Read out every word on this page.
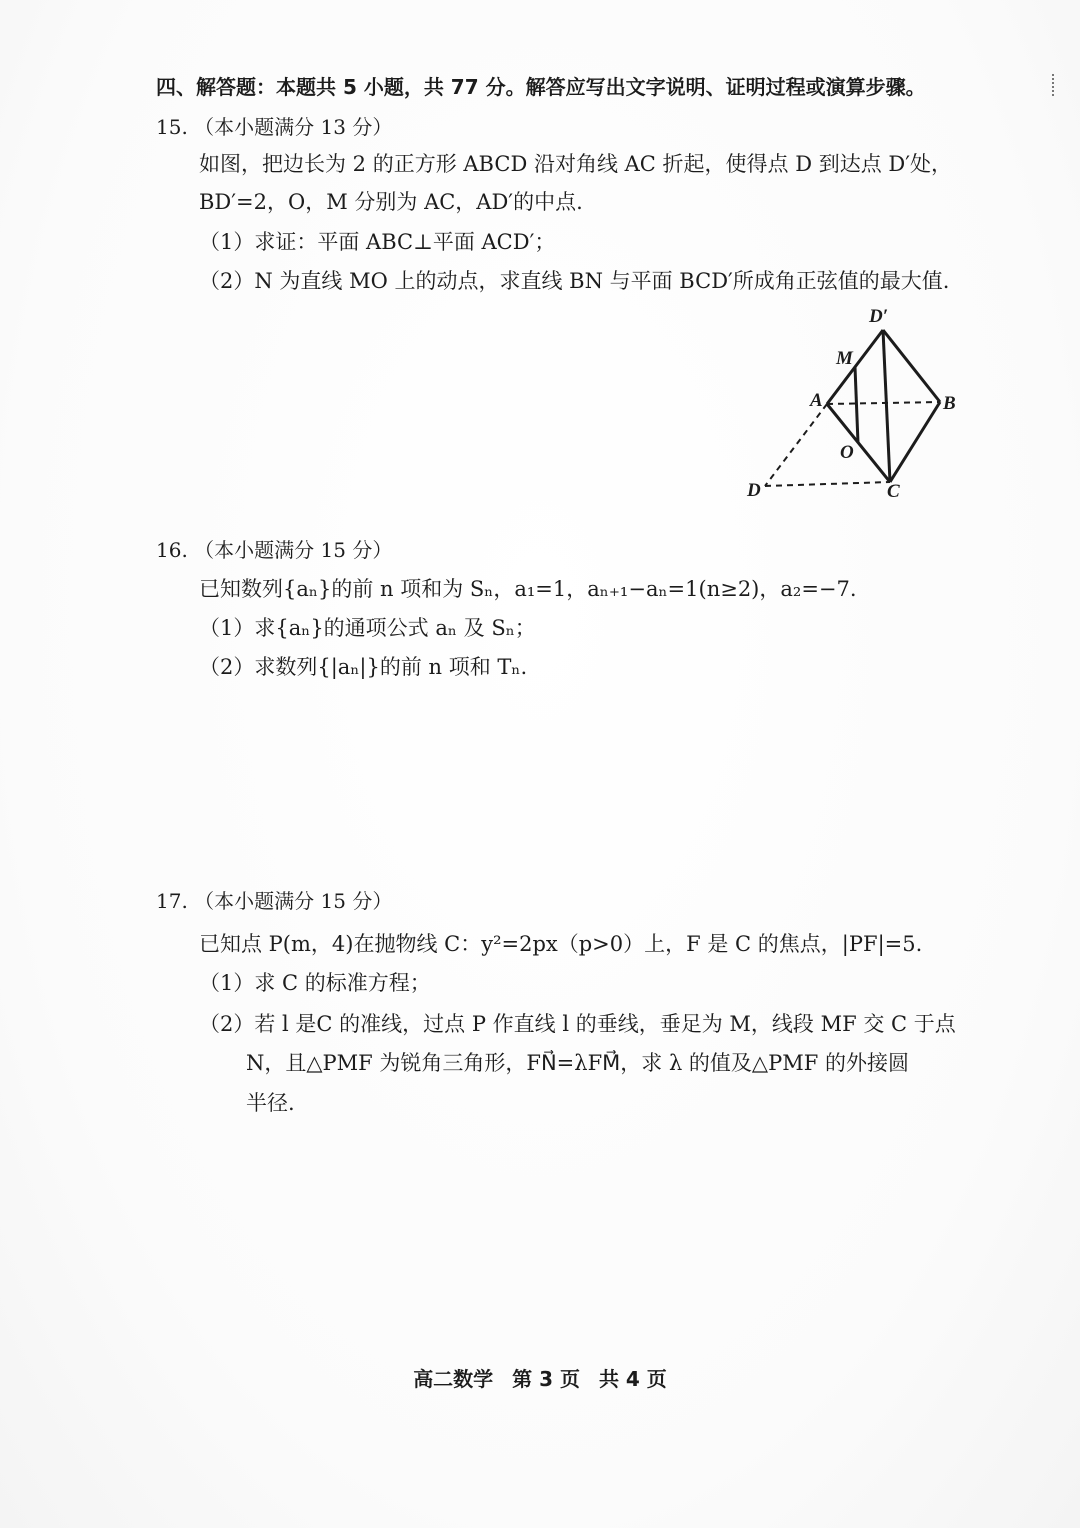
四、解答题：本题共 5 小题，共 77 分。解答应写出文字说明、证明过程或演算步骤。
15. （本小题满分 13 分）
如图，把边长为 2 的正方形 ABCD 沿对角线 AC 折起，使得点 D 到达点 D′处，
BD′=2，O，M 分别为 AC，AD′的中点.
（1）求证：平面 ABC⊥平面 ACD′；
（2）N 为直线 MO 上的动点，求直线 BN 与平面 BCD′所成角正弦值的最大值.
D′
M
A	B
O
D	C
16. （本小题满分 15 分）
已知数列{aₙ}的前 n 项和为 Sₙ，a₁=1，aₙ₊₁−aₙ=1(n≥2)，a₂=−7.
（1）求{aₙ}的通项公式 aₙ 及 Sₙ；
（2）求数列{|aₙ|}的前 n 项和 Tₙ.
17. （本小题满分 15 分）
已知点 P(m，4)在抛物线 C：y²=2px（p>0）上，F 是 C 的焦点，|PF|=5.
（1）求 C 的标准方程；
（2）若 l 是C 的准线，过点 P 作直线 l 的垂线，垂足为 M，线段 MF 交 C 于点
N，且△PMF 为锐角三角形，FN⃗=λFM⃗，求 λ 的值及△PMF 的外接圆
半径.
高二数学 第 3 页 共 4 页
